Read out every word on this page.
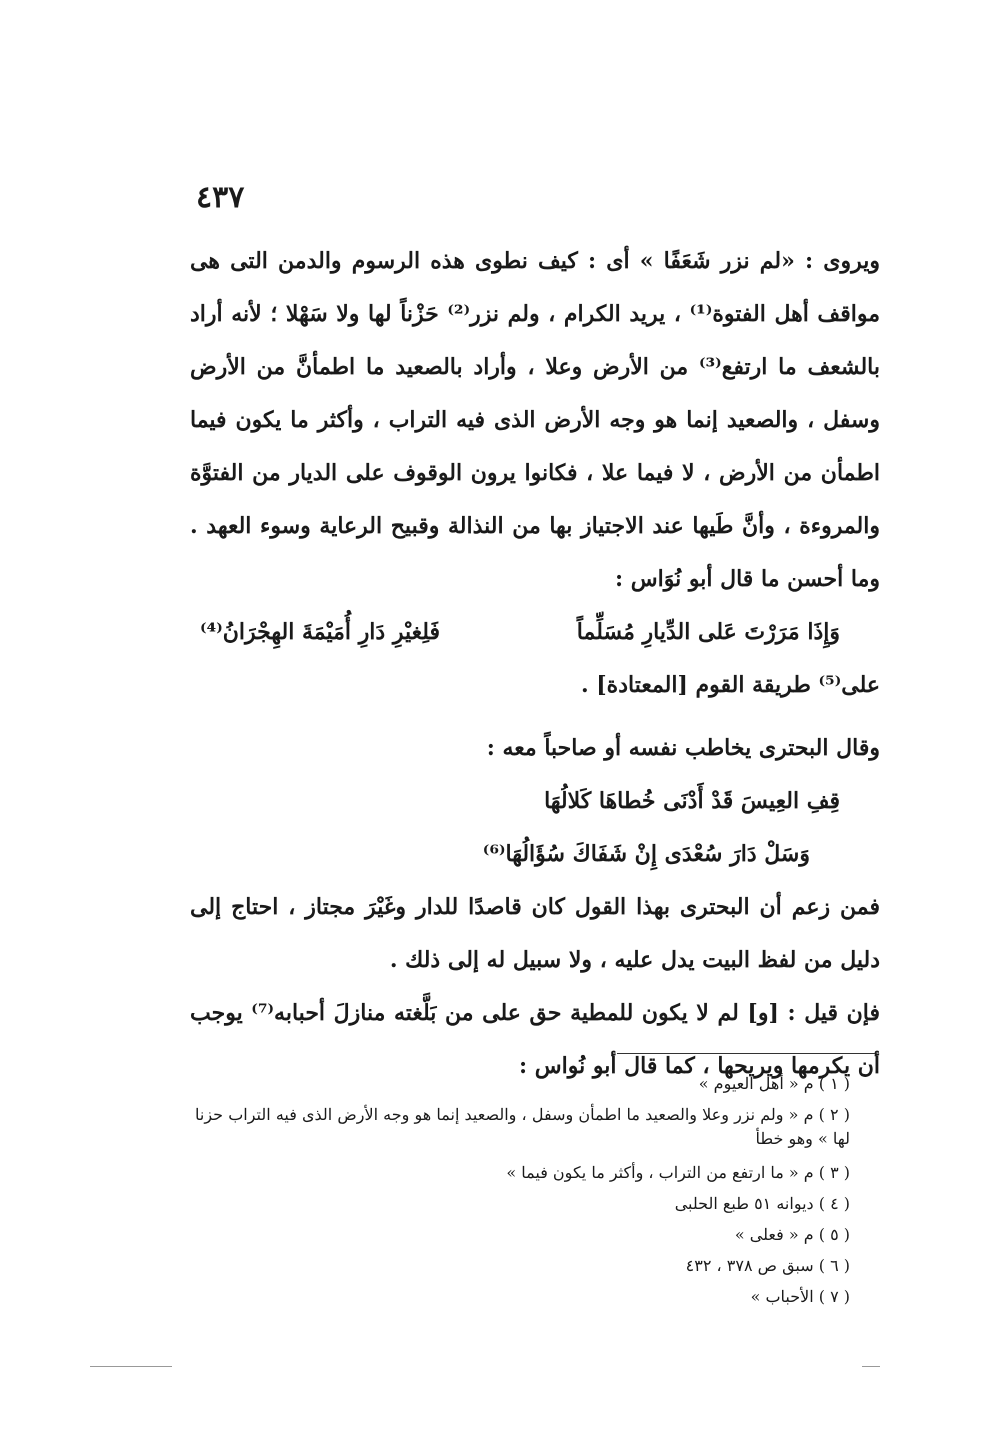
٤٣٧

ويروى : «لم نزر شَعَفًا » أى : كيف نطوى هذه الرسوم والدمن التى هى مواقف أهل الفتوة⁽¹⁾ ، يريد الكرام ، ولم نزر⁽²⁾ حَزْناً لها ولا سَهْلا ؛ لأنه أراد بالشعف ما ارتفع⁽³⁾ من الأرض وعلا ، وأراد بالصعيد ما اطمأنَّ من الأرض وسفل ، والصعيد إنما هو وجه الأرض الذى فيه التراب ، وأكثر ما يكون فيما اطمأن من الأرض ، لا فيما علا ، فكانوا يرون الوقوف على الديار من الفتوَّة والمروءة ، وأنَّ طَيها عند الاجتياز بها من النذالة وقبيح الرعاية وسوء العهد . وما أحسن ما قال أبو نُوَاس :

وَإِذَا مَرَرْتَ عَلى الدِّيارِ مُسَلِّماً
فَلِغيْرِ دَارِ أُمَيْمَةَ الهِجْرَانُ⁽⁴⁾

على⁽⁵⁾ طريقة القوم [المعتادة] .

وقال البحترى يخاطب نفسه أو صاحباً معه :

قِفِ العِيسَ قَدْ أَدْنَى خُطاهَا كَلالُهَا
وَسَلْ دَارَ سُعْدَى إِنْ شَفَاكَ سُؤَالُهَا⁽⁶⁾

فمن زعم أن البحترى بهذا القول كان قاصدًا للدار وغَيْرَ مجتاز ، احتاج إلى دليل من لفظ البيت يدل عليه ، ولا سبيل له إلى ذلك .

فإن قيل : [و] لم لا يكون للمطية حق على من بَلَّغته منازلَ أحبابه⁽⁷⁾ يوجب أن يكرمها ويريحها ، كما قال أبو نُواس :

( ١ ) م « أهل العيوم »
( ٢ ) م « ولم نزر وعلا والصعيد ما اطمأن وسفل ، والصعيد إنما هو وجه الأرض الذى فيه التراب حزنا لها » وهو خطأ
( ٣ ) م « ما ارتفع من التراب ، وأكثر ما يكون فيما »
( ٤ ) ديوانه ٥١ طبع الحلبى
( ٥ ) م « فعلى »
( ٦ ) سبق ص ٣٧٨ ، ٤٣٢
( ٧ ) الأحباب »
